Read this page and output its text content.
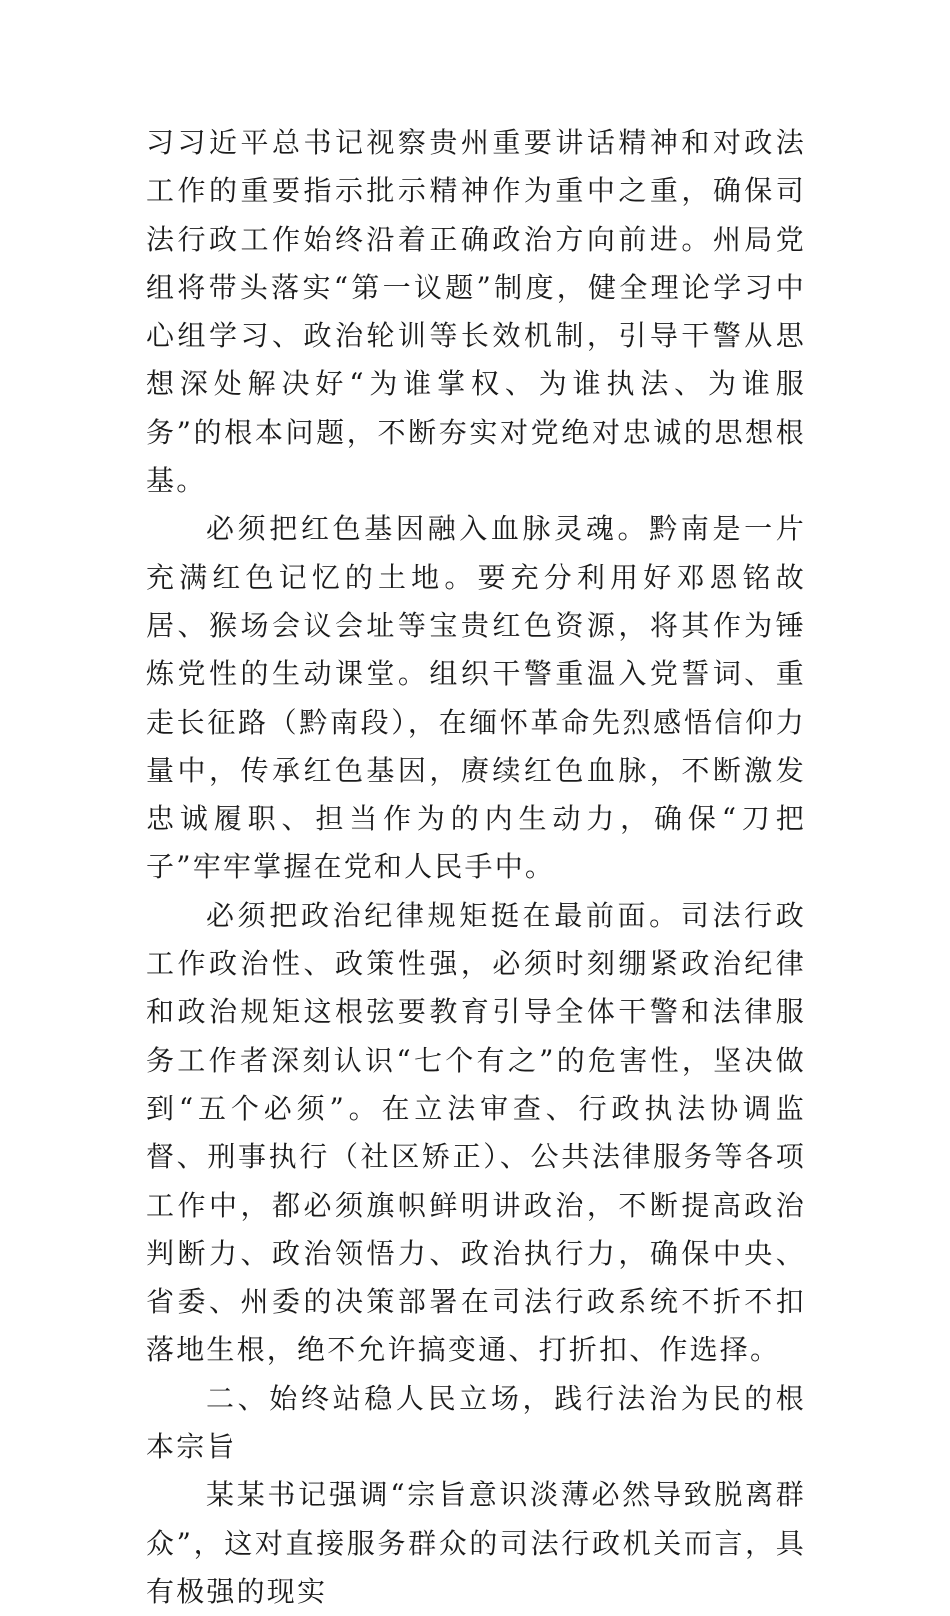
习习近平总书记视察贵州重要讲话精神和对政法工作的重要指示批示精神作为重中之重，确保司法行政工作始终沿着正确政治方向前进。州局党组将带头落实“第一议题”制度，健全理论学习中心组学习、政治轮训等长效机制，引导干警从思想深处解决好“为谁掌权、为谁执法、为谁服务”的根本问题，不断夯实对党绝对忠诚的思想根基。

必须把红色基因融入血脉灵魂。黔南是一片充满红色记忆的土地。要充分利用好邓恩铭故居、猴场会议会址等宝贵红色资源，将其作为锤炼党性的生动课堂。组织干警重温入党誓词、重走长征路（黔南段），在缅怀革命先烈感悟信仰力量中，传承红色基因，赓续红色血脉，不断激发忠诚履职、担当作为的内生动力，确保“刀把子”牢牢掌握在党和人民手中。

必须把政治纪律规矩挺在最前面。司法行政工作政治性、政策性强，必须时刻绷紧政治纪律和政治规矩这根弦要教育引导全体干警和法律服务工作者深刻认识“七个有之”的危害性，坚决做到“五个必须”。在立法审查、行政执法协调监督、刑事执行（社区矫正）、公共法律服务等各项工作中，都必须旗帜鲜明讲政治，不断提高政治判断力、政治领悟力、政治执行力，确保中央、省委、州委的决策部署在司法行政系统不折不扣落地生根，绝不允许搞变通、打折扣、作选择。

二、始终站稳人民立场，践行法治为民的根本宗旨

某某书记强调“宗旨意识淡薄必然导致脱离群众”，这对直接服务群众的司法行政机关而言，具有极强的现实
